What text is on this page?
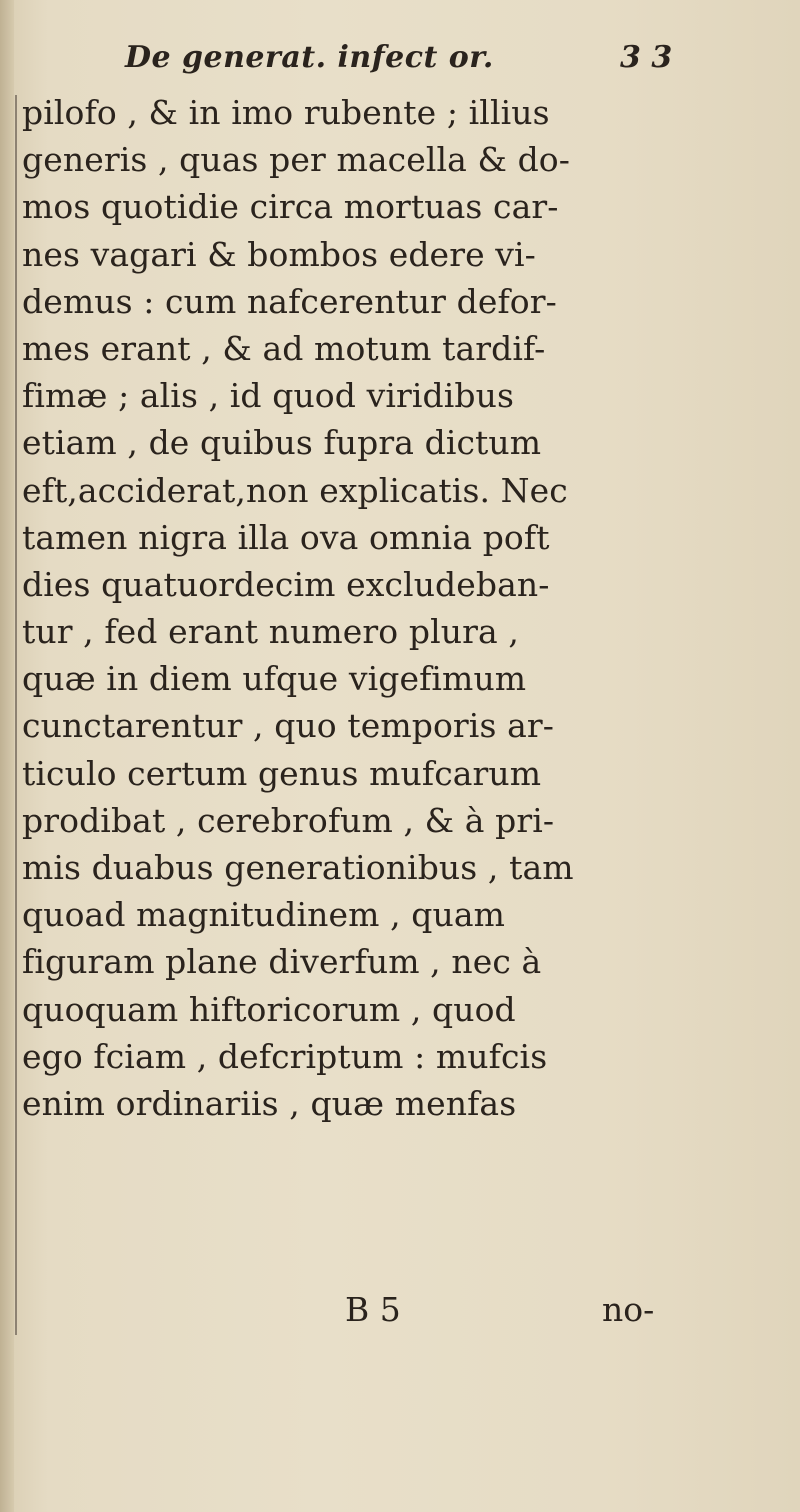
De generat. infect or.	3 3
pilofo , & in imo rubente ; illius
generis , quas per macella & do-
mos quotidie circa mortuas car-
nes vagari & bombos edere vi-
demus : cum nafcerentur defor-
mes erant , & ad motum tardif-
fimæ ; alis , id quod viridibus
etiam , de quibus fupra dictum
eft,acciderat,non explicatis. Nec
tamen nigra illa ova omnia poft
dies quatuordecim excludeban-
tur , fed erant numero plura ,
quæ in diem ufque vigefimum
cunctarentur , quo temporis ar-
ticulo certum genus mufcarum
prodibat , cerebrofum , & à pri-
mis duabus generationibus , tam
quoad magnitudinem , quam
figuram plane diverfum , nec à
quoquam hiftoricorum , quod
ego fciam , defcriptum : mufcis
enim ordinariis , quæ menfas
B 5	no-
